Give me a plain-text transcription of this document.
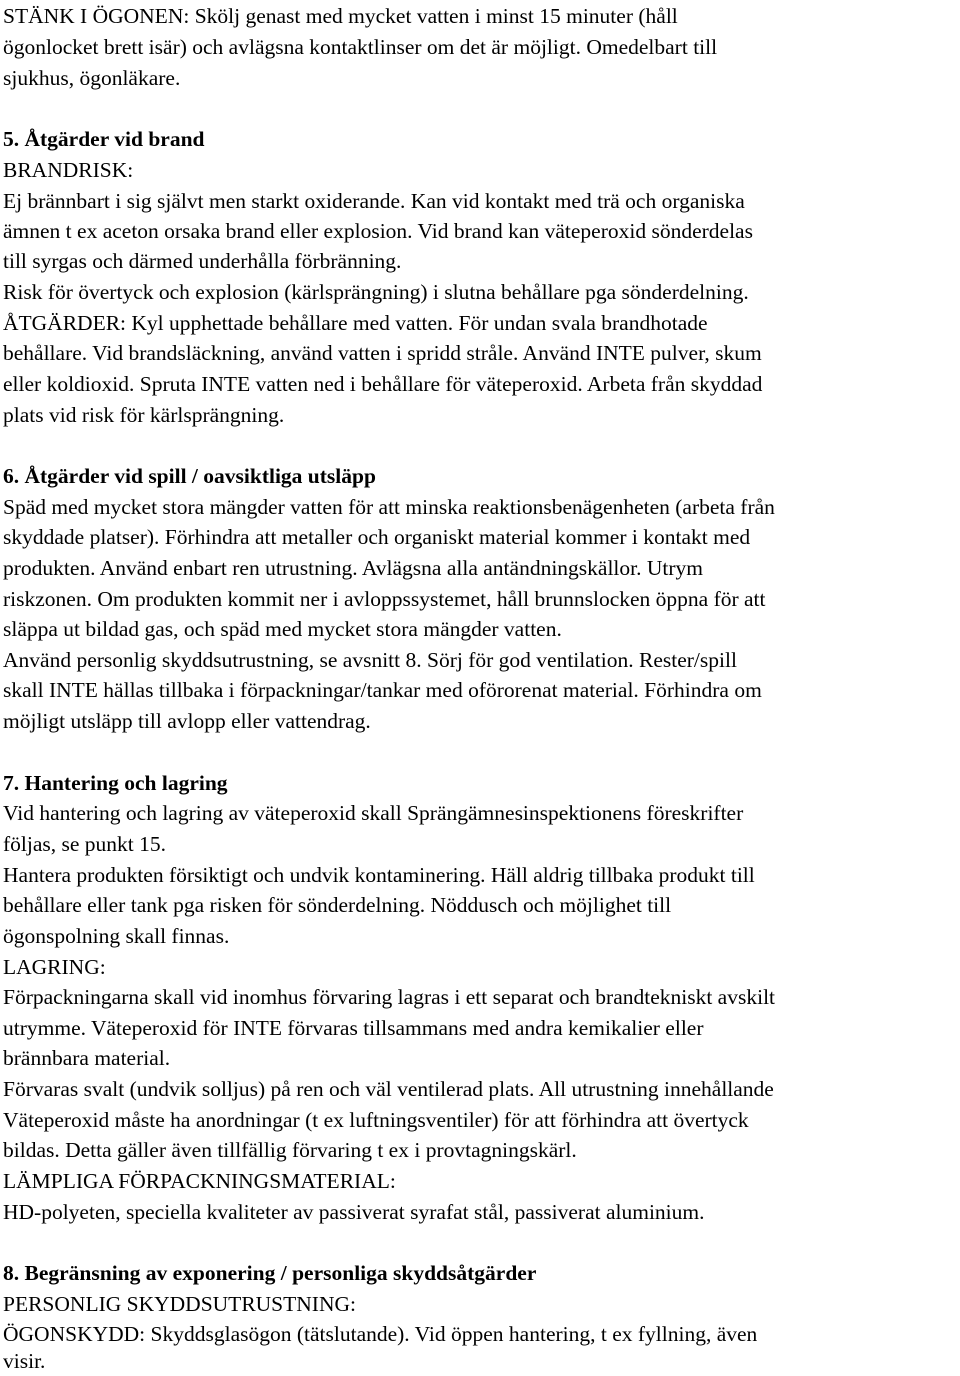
STÄNK I ÖGONEN: Skölj genast med mycket vatten i minst 15 minuter (håll
ögonlocket brett isär) och avlägsna kontaktlinser om det är möjligt. Omedelbart till
sjukhus, ögonläkare.
5. Åtgärder vid brand
BRANDRISK:
Ej brännbart i sig självt men starkt oxiderande. Kan vid kontakt med trä och organiska
ämnen t ex aceton orsaka brand eller explosion. Vid brand kan väteperoxid sönderdelas
till syrgas och därmed underhålla förbränning.
Risk för övertyck och explosion (kärlsprängning) i slutna behållare pga sönderdelning.
ÅTGÄRDER: Kyl upphettade behållare med vatten. För undan svala brandhotade
behållare. Vid brandsläckning, använd vatten i spridd stråle. Använd INTE pulver, skum
eller koldioxid. Spruta INTE vatten ned i behållare för väteperoxid. Arbeta från skyddad
plats vid risk för kärlsprängning.
6. Åtgärder vid spill / oavsiktliga utsläpp
Späd med mycket stora mängder vatten för att minska reaktionsbenägenheten (arbeta från
skyddade platser). Förhindra att metaller och organiskt material kommer i kontakt med
produkten. Använd enbart ren utrustning. Avlägsna alla antändningskällor. Utrym
riskzonen. Om produkten kommit ner i avloppssystemet, håll brunnslocken öppna för att
släppa ut bildad gas, och späd med mycket stora mängder vatten.
Använd personlig skyddsutrustning, se avsnitt 8. Sörj för god ventilation. Rester/spill
skall INTE hällas tillbaka i förpackningar/tankar med oförorenat material. Förhindra om
möjligt utsläpp till avlopp eller vattendrag.
7. Hantering och lagring
Vid hantering och lagring av väteperoxid skall Sprängämnesinspektionens föreskrifter
följas, se punkt 15.
Hantera produkten försiktigt och undvik kontaminering. Häll aldrig tillbaka produkt till
behållare eller tank pga risken för sönderdelning. Nöddusch och möjlighet till
ögonspolning skall finnas.
LAGRING:
Förpackningarna skall vid inomhus förvaring lagras i ett separat och brandtekniskt avskilt
utrymme. Väteperoxid för INTE förvaras tillsammans med andra kemikalier eller
brännbara material.
Förvaras svalt (undvik solljus) på ren och väl ventilerad plats. All utrustning innehållande
Väteperoxid måste ha anordningar (t ex luftningsventiler) för att förhindra att övertyck
bildas. Detta gäller även tillfällig förvaring t ex i provtagningskärl.
LÄMPLIGA FÖRPACKNINGSMATERIAL:
HD-polyeten, speciella kvaliteter av passiverat syrafat stål, passiverat aluminium.
8. Begränsning av exponering / personliga skyddsåtgärder
PERSONLIG SKYDDSUTRUSTNING:
ÖGONSKYDD: Skyddsglasögon (tätslutande). Vid öppen hantering, t ex fyllning, även
visir.
